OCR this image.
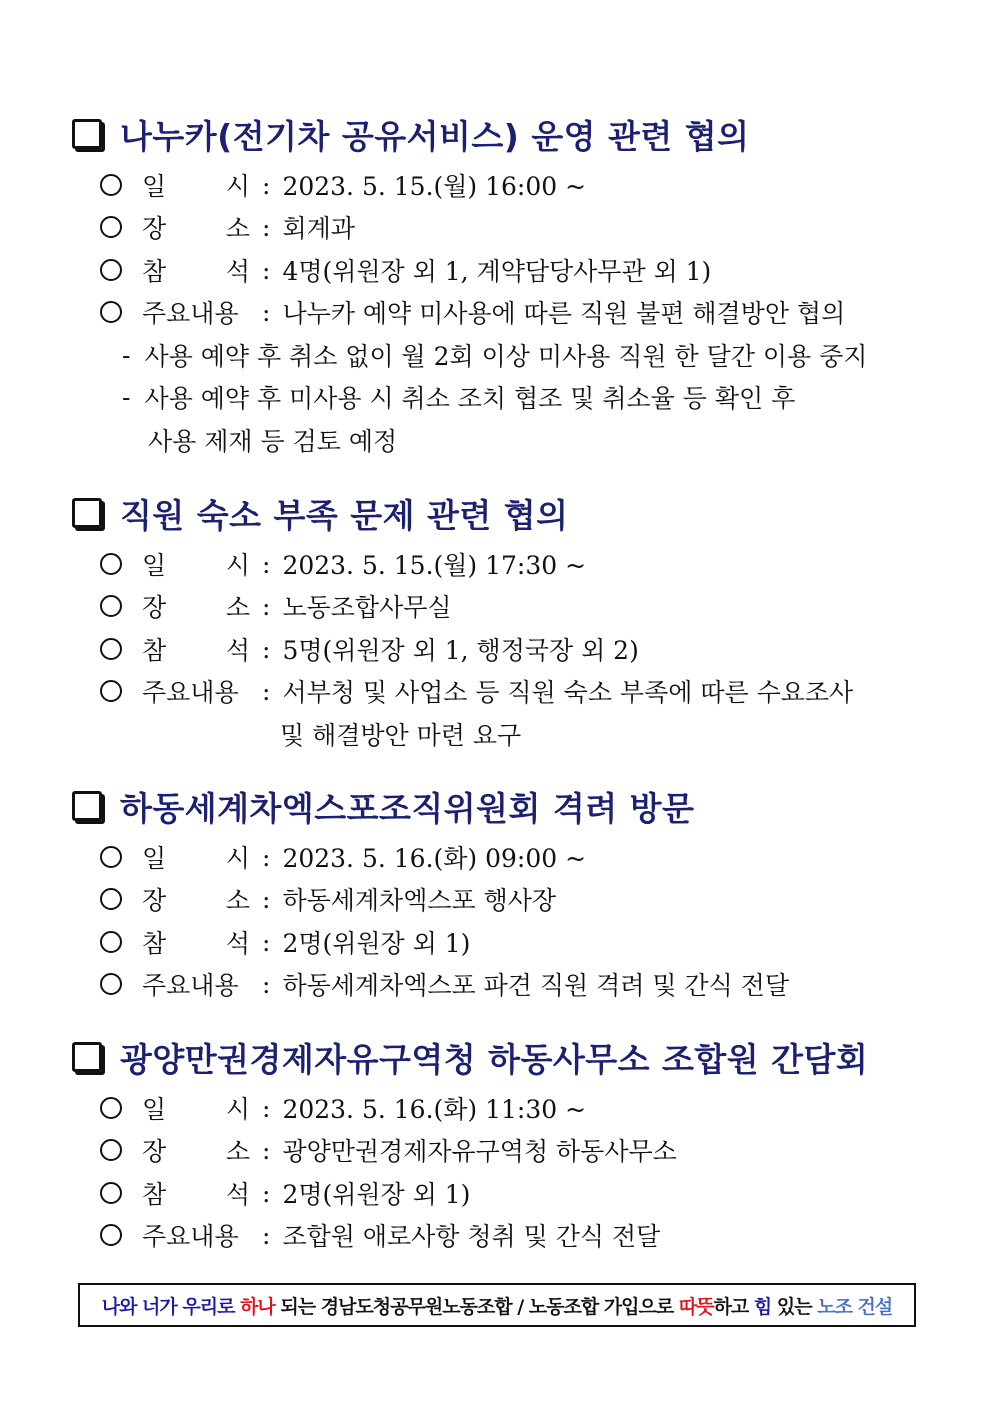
나누카(전기차 공유서비스) 운영 관련 협의
일 시 : 2023. 5. 15.(월) 16:00 ~
장 소 : 회계과
참 석 : 4명(위원장 외 1, 계약담당사무관 외 1)
주요내용 : 나누카 예약 미사용에 따른 직원 불편 해결방안 협의
- 사용 예약 후 취소 없이 월 2회 이상 미사용 직원 한 달간 이용 중지
- 사용 예약 후 미사용 시 취소 조치 협조 및 취소율 등 확인 후
사용 제재 등 검토 예정
직원 숙소 부족 문제 관련 협의
일 시 : 2023. 5. 15.(월) 17:30 ~
장 소 : 노동조합사무실
참 석 : 5명(위원장 외 1, 행정국장 외 2)
주요내용 : 서부청 및 사업소 등 직원 숙소 부족에 따른 수요조사
및 해결방안 마련 요구
하동세계차엑스포조직위원회 격려 방문
일 시 : 2023. 5. 16.(화) 09:00 ~
장 소 : 하동세계차엑스포 행사장
참 석 : 2명(위원장 외 1)
주요내용 : 하동세계차엑스포 파견 직원 격려 및 간식 전달
광양만권경제자유구역청 하동사무소 조합원 간담회
일 시 : 2023. 5. 16.(화) 11:30 ~
장 소 : 광양만권경제자유구역청 하동사무소
참 석 : 2명(위원장 외 1)
주요내용 : 조합원 애로사항 청취 및 간식 전달
나와 너가 우리로 하나 되는 경남도청공무원노동조합 / 노동조합 가입으로 따뜻 하고 힘 있는 노조 건설
